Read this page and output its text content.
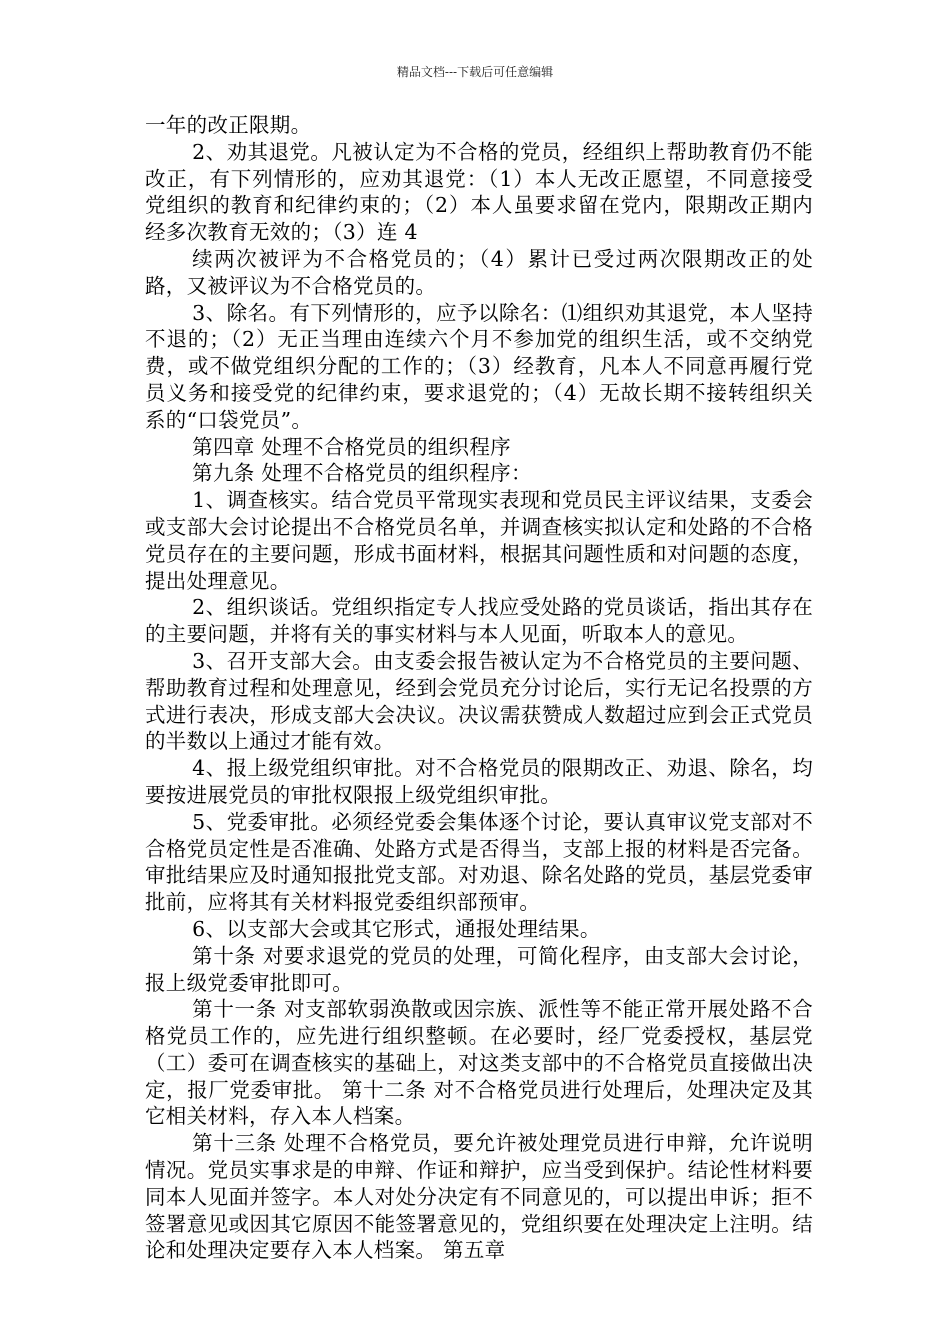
精品文档---下载后可任意编辑

一年的改正限期。

2、劝其退党。凡被认定为不合格的党员，经组织上帮助教育仍不能改正，有下列情形的，应劝其退党：（1）本人无改正愿望，不同意接受党组织的教育和纪律约束的；（2）本人虽要求留在党内，限期改正期内经多次教育无效的；（3）连 4

续两次被评为不合格党员的；（4）累计已受过两次限期改正的处路，又被评议为不合格党员的。

3、除名。有下列情形的，应予以除名：⑴组织劝其退党，本人坚持不退的；（2）无正当理由连续六个月不参加党的组织生活，或不交纳党费，或不做党组织分配的工作的；（3）经教育，凡本人不同意再履行党员义务和接受党的纪律约束，要求退党的；（4）无故长期不接转组织关系的“口袋党员”。

第四章 处理不合格党员的组织程序

第九条 处理不合格党员的组织程序：

1、调查核实。结合党员平常现实表现和党员民主评议结果，支委会或支部大会讨论提出不合格党员名单，并调查核实拟认定和处路的不合格党员存在的主要问题，形成书面材料，根据其问题性质和对问题的态度，提出处理意见。

2、组织谈话。党组织指定专人找应受处路的党员谈话，指出其存在的主要问题，并将有关的事实材料与本人见面，听取本人的意见。

3、召开支部大会。由支委会报告被认定为不合格党员的主要问题、帮助教育过程和处理意见，经到会党员充分讨论后，实行无记名投票的方式进行表决，形成支部大会决议。决议需获赞成人数超过应到会正式党员的半数以上通过才能有效。

4、报上级党组织审批。对不合格党员的限期改正、劝退、除名，均要按进展党员的审批权限报上级党组织审批。

5、党委审批。必须经党委会集体逐个讨论，要认真审议党支部对不合格党员定性是否准确、处路方式是否得当，支部上报的材料是否完备。审批结果应及时通知报批党支部。对劝退、除名处路的党员，基层党委审批前，应将其有关材料报党委组织部预审。

6、以支部大会或其它形式，通报处理结果。

第十条 对要求退党的党员的处理，可简化程序，由支部大会讨论，报上级党委审批即可。

第十一条 对支部软弱涣散或因宗族、派性等不能正常开展处路不合格党员工作的，应先进行组织整顿。在必要时，经厂党委授权，基层党（工）委可在调查核实的基础上，对这类支部中的不合格党员直接做出决定，报厂党委审批。 第十二条 对不合格党员进行处理后，处理决定及其它相关材料，存入本人档案。

第十三条 处理不合格党员，要允许被处理党员进行申辩，允许说明情况。党员实事求是的申辩、作证和辩护，应当受到保护。结论性材料要同本人见面并签字。本人对处分决定有不同意见的，可以提出申诉；拒不签署意见或因其它原因不能签署意见的，党组织要在处理决定上注明。结论和处理决定要存入本人档案。 第五章
